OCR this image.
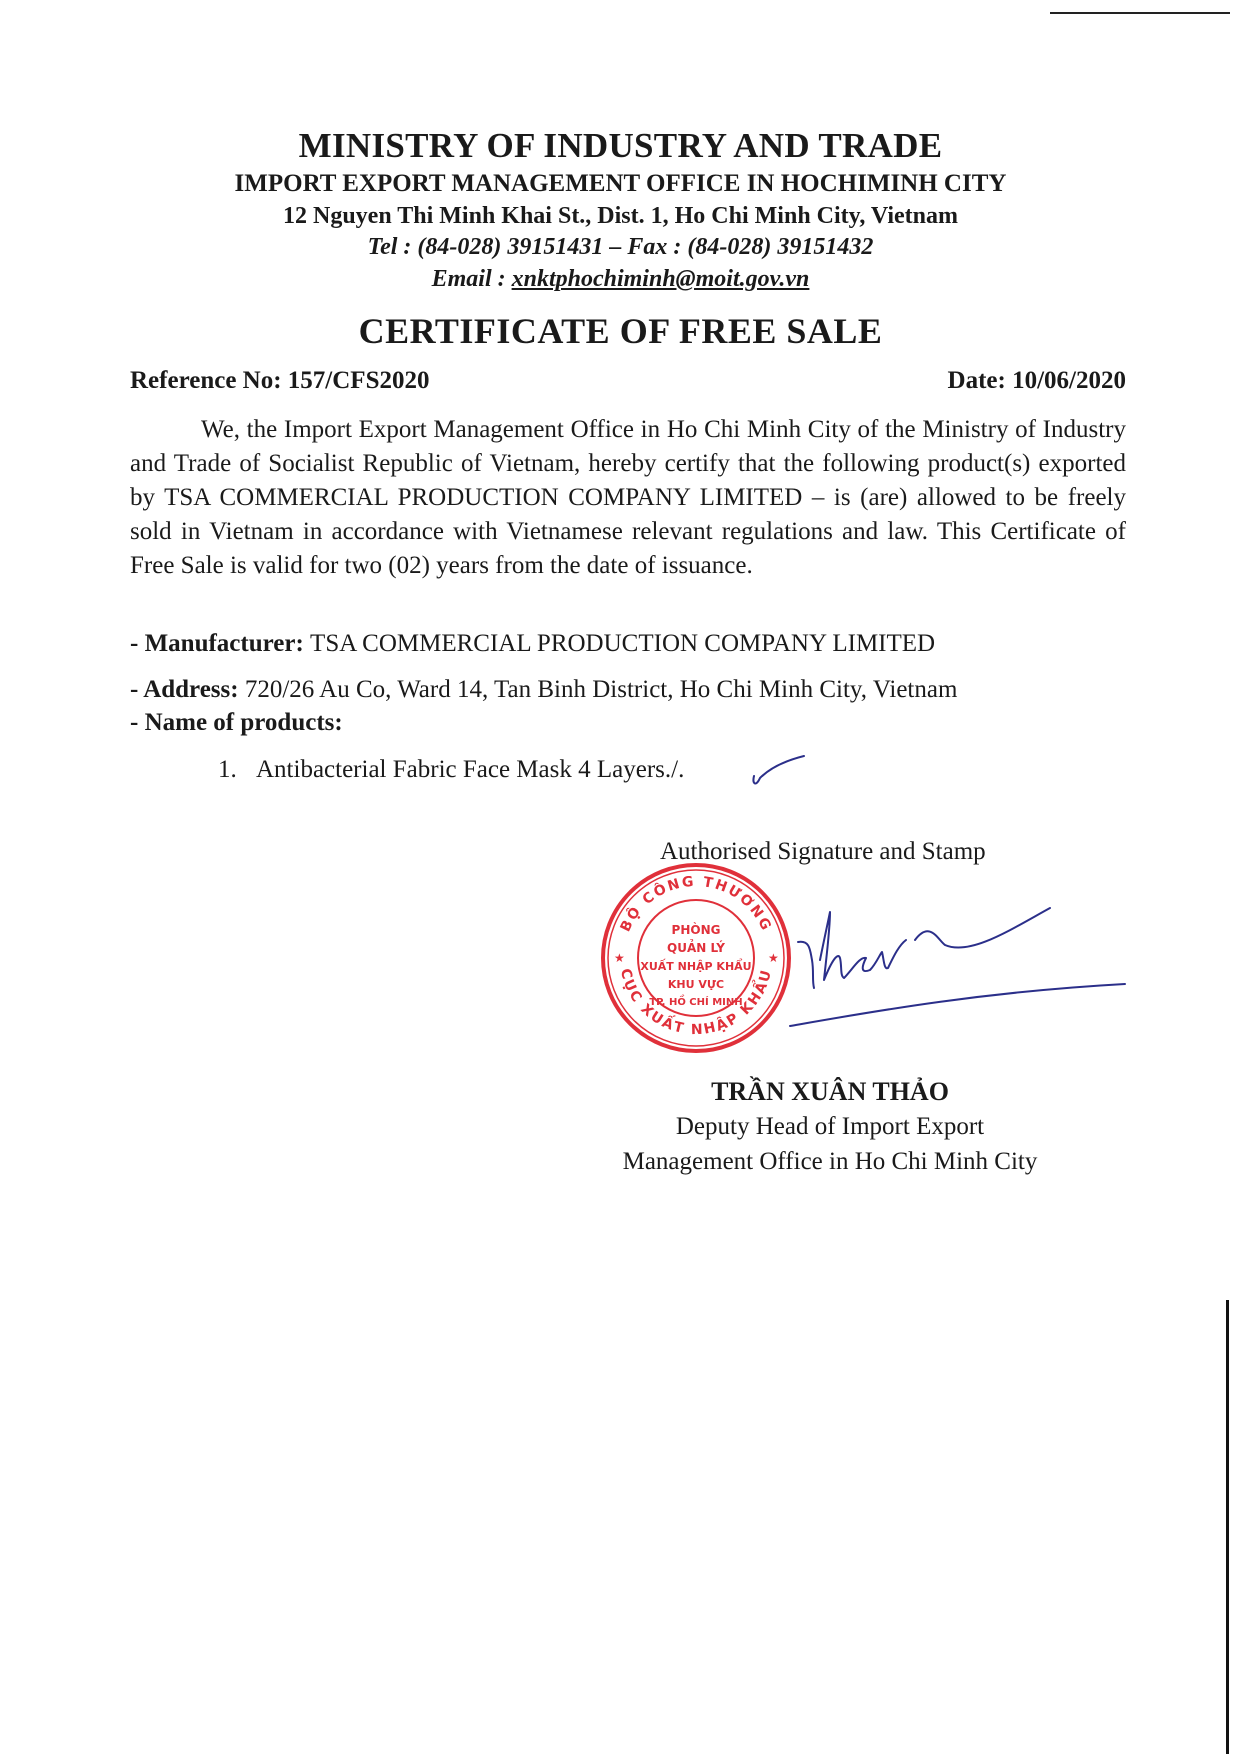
MINISTRY OF INDUSTRY AND TRADE
IMPORT EXPORT MANAGEMENT OFFICE IN HOCHIMINH CITY
12 Nguyen Thi Minh Khai St., Dist. 1, Ho Chi Minh City, Vietnam
Tel : (84-028) 39151431 – Fax : (84-028) 39151432
Email : xnktphochiminh@moit.gov.vn
CERTIFICATE OF FREE SALE
Reference No: 157/CFS2020	Date: 10/06/2020
We, the Import Export Management Office in Ho Chi Minh City of the Ministry of Industry and Trade of Socialist Republic of Vietnam, hereby certify that the following product(s) exported by TSA COMMERCIAL PRODUCTION COMPANY LIMITED – is (are) allowed to be freely sold in Vietnam in accordance with Vietnamese relevant regulations and law. This Certificate of Free Sale is valid for two (02) years from the date of issuance.
- Manufacturer: TSA COMMERCIAL PRODUCTION COMPANY LIMITED
- Address: 720/26 Au Co, Ward 14, Tan Binh District, Ho Chi Minh City, Vietnam
- Name of products:
1. Antibacterial Fabric Face Mask 4 Layers./.
Authorised Signature and Stamp
BỘ CÔNG THƯƠNG
CỤC XUẤT NHẬP KHẨU
★	★
PHÒNG
QUẢN LÝ
XUẤT NHẬP KHẨU
KHU VỰC
TP. HỒ CHÍ MINH
TRẦN XUÂN THẢO
Deputy Head of Import Export
Management Office in Ho Chi Minh City
